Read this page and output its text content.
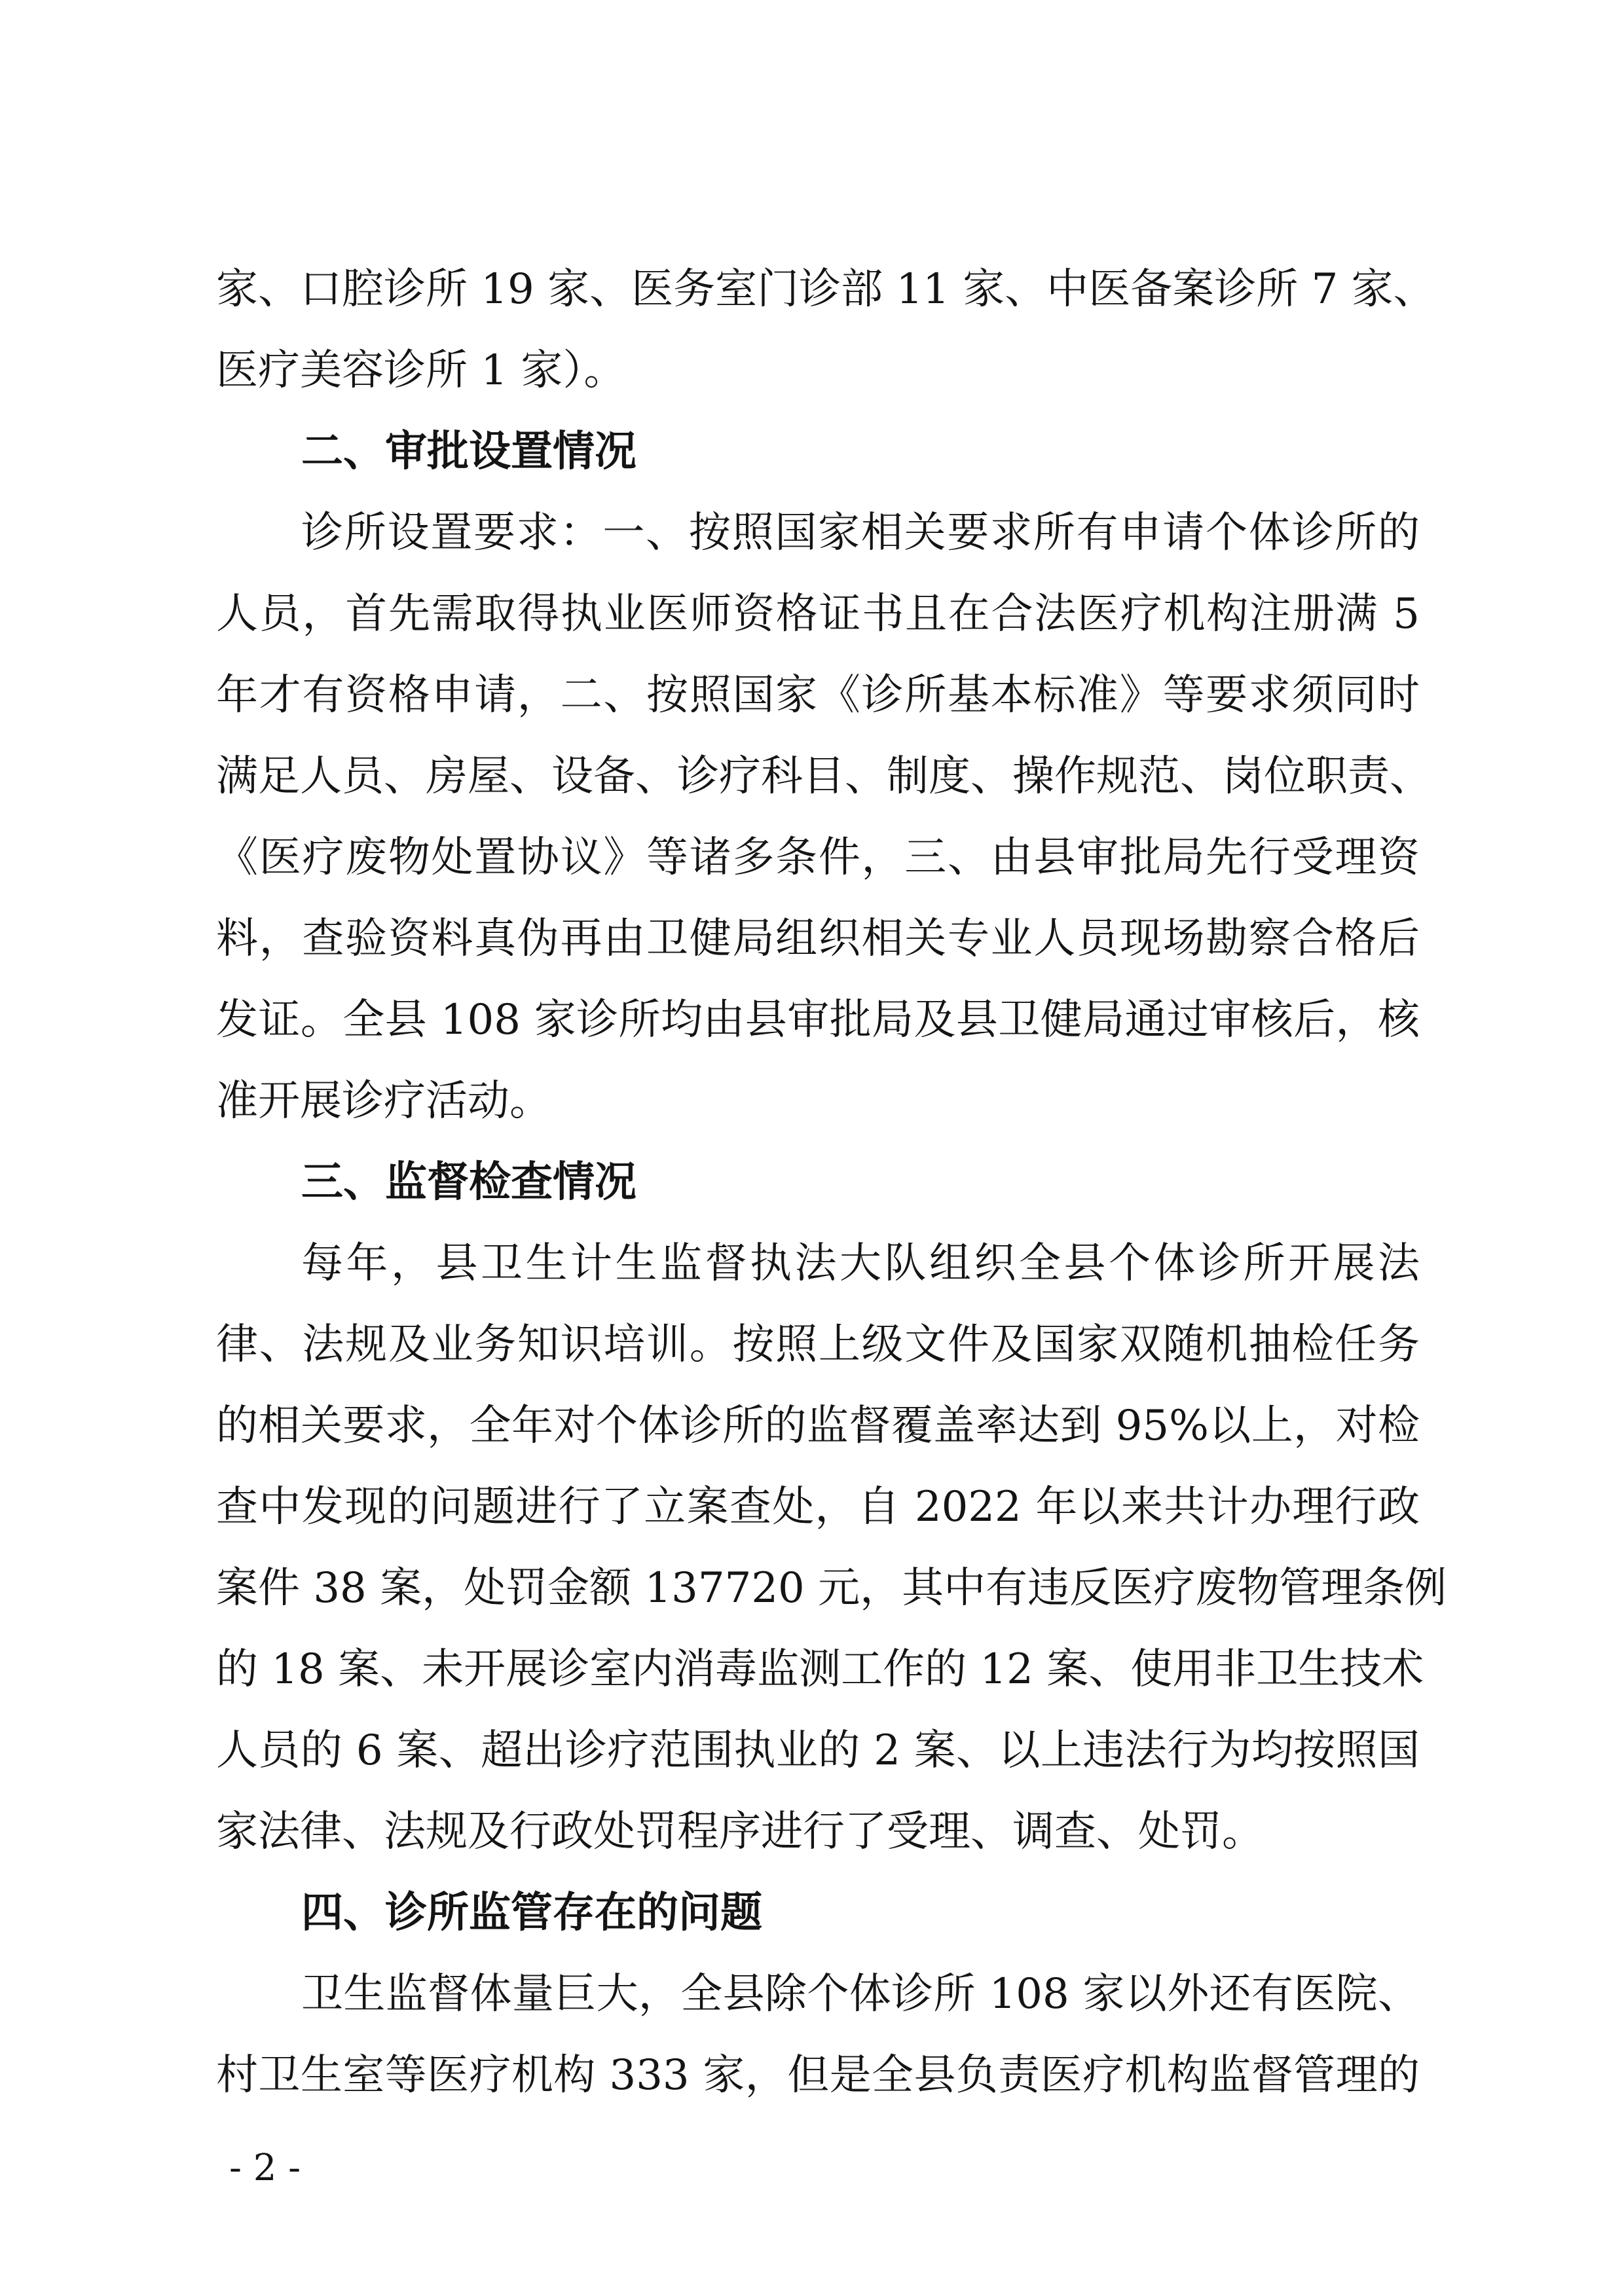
家、口腔诊所 19 家、医务室门诊部 11 家、中医备案诊所 7 家、
医疗美容诊所 1 家）。
二、审批设置情况
诊所设置要求：一、按照国家相关要求所有申请个体诊所的
人员，首先需取得执业医师资格证书且在合法医疗机构注册满 5
年才有资格申请，二、按照国家《诊所基本标准》等要求须同时
满足人员、房屋、设备、诊疗科目、制度、操作规范、岗位职责、
《医疗废物处置协议》等诸多条件，三、由县审批局先行受理资
料，查验资料真伪再由卫健局组织相关专业人员现场勘察合格后
发证。全县 108 家诊所均由县审批局及县卫健局通过审核后，核
准开展诊疗活动。
三、监督检查情况
每年，县卫生计生监督执法大队组织全县个体诊所开展法
律、法规及业务知识培训。按照上级文件及国家双随机抽检任务
的相关要求，全年对个体诊所的监督覆盖率达到 95%以上，对检
查中发现的问题进行了立案查处，自 2022 年以来共计办理行政
案件 38 案，处罚金额 137720 元，其中有违反医疗废物管理条例
的 18 案、未开展诊室内消毒监测工作的 12 案、使用非卫生技术
人员的 6 案、超出诊疗范围执业的 2 案、以上违法行为均按照国
家法律、法规及行政处罚程序进行了受理、调查、处罚。
四、诊所监管存在的问题
卫生监督体量巨大，全县除个体诊所 108 家以外还有医院、
村卫生室等医疗机构 333 家，但是全县负责医疗机构监督管理的
- 2 -
